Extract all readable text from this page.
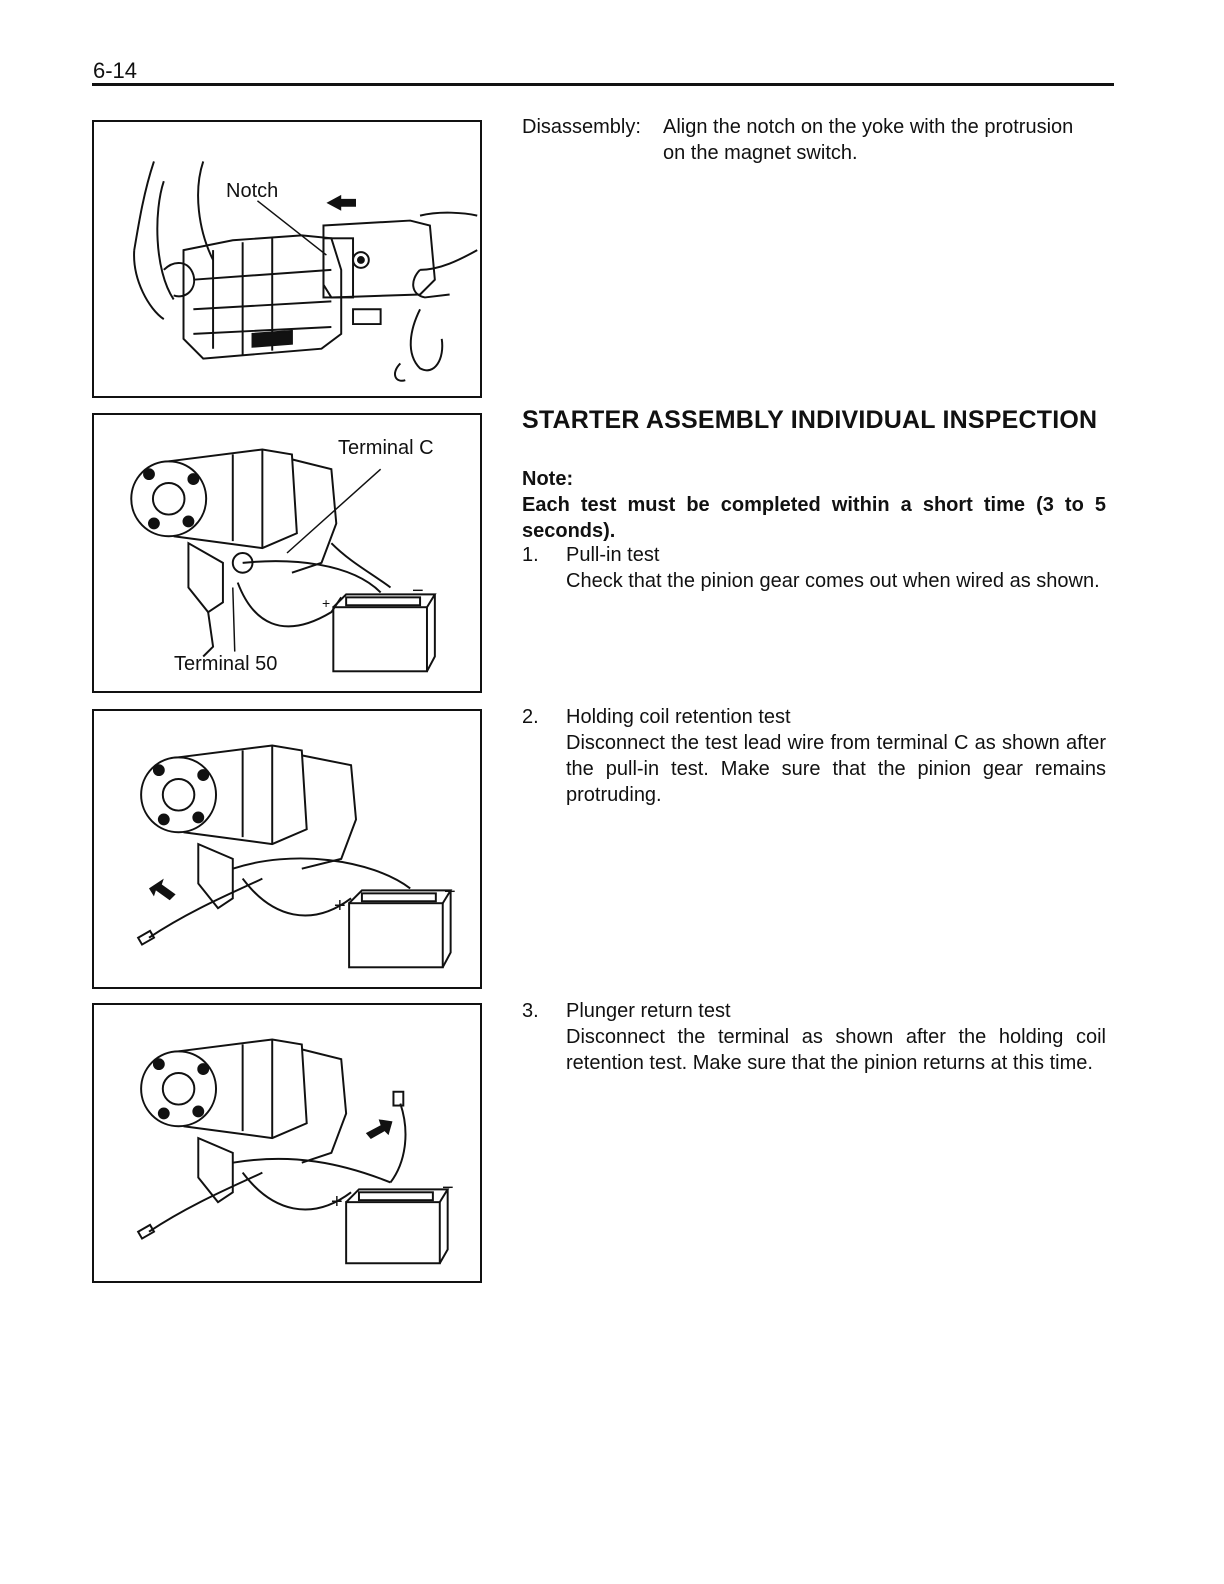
6-14
Notch
Terminal C
Terminal 50
+
−
+
−
+
−
Disassembly: Align the notch on the yoke with the protrusion
on the magnet switch.
STARTER ASSEMBLY INDIVIDUAL INSPECTION
Note:
Each test must be completed within a short time (3 to 5 seconds).
1.	Pull-in test
Check that the pinion gear comes out when wired as shown.
2.	Holding coil retention test
Disconnect the test lead wire from terminal C as shown after the pull-in test. Make sure that the pinion gear remains protruding.
3.	Plunger return test
Disconnect the terminal as shown after the holding coil retention test. Make sure that the pinion returns at this time.
